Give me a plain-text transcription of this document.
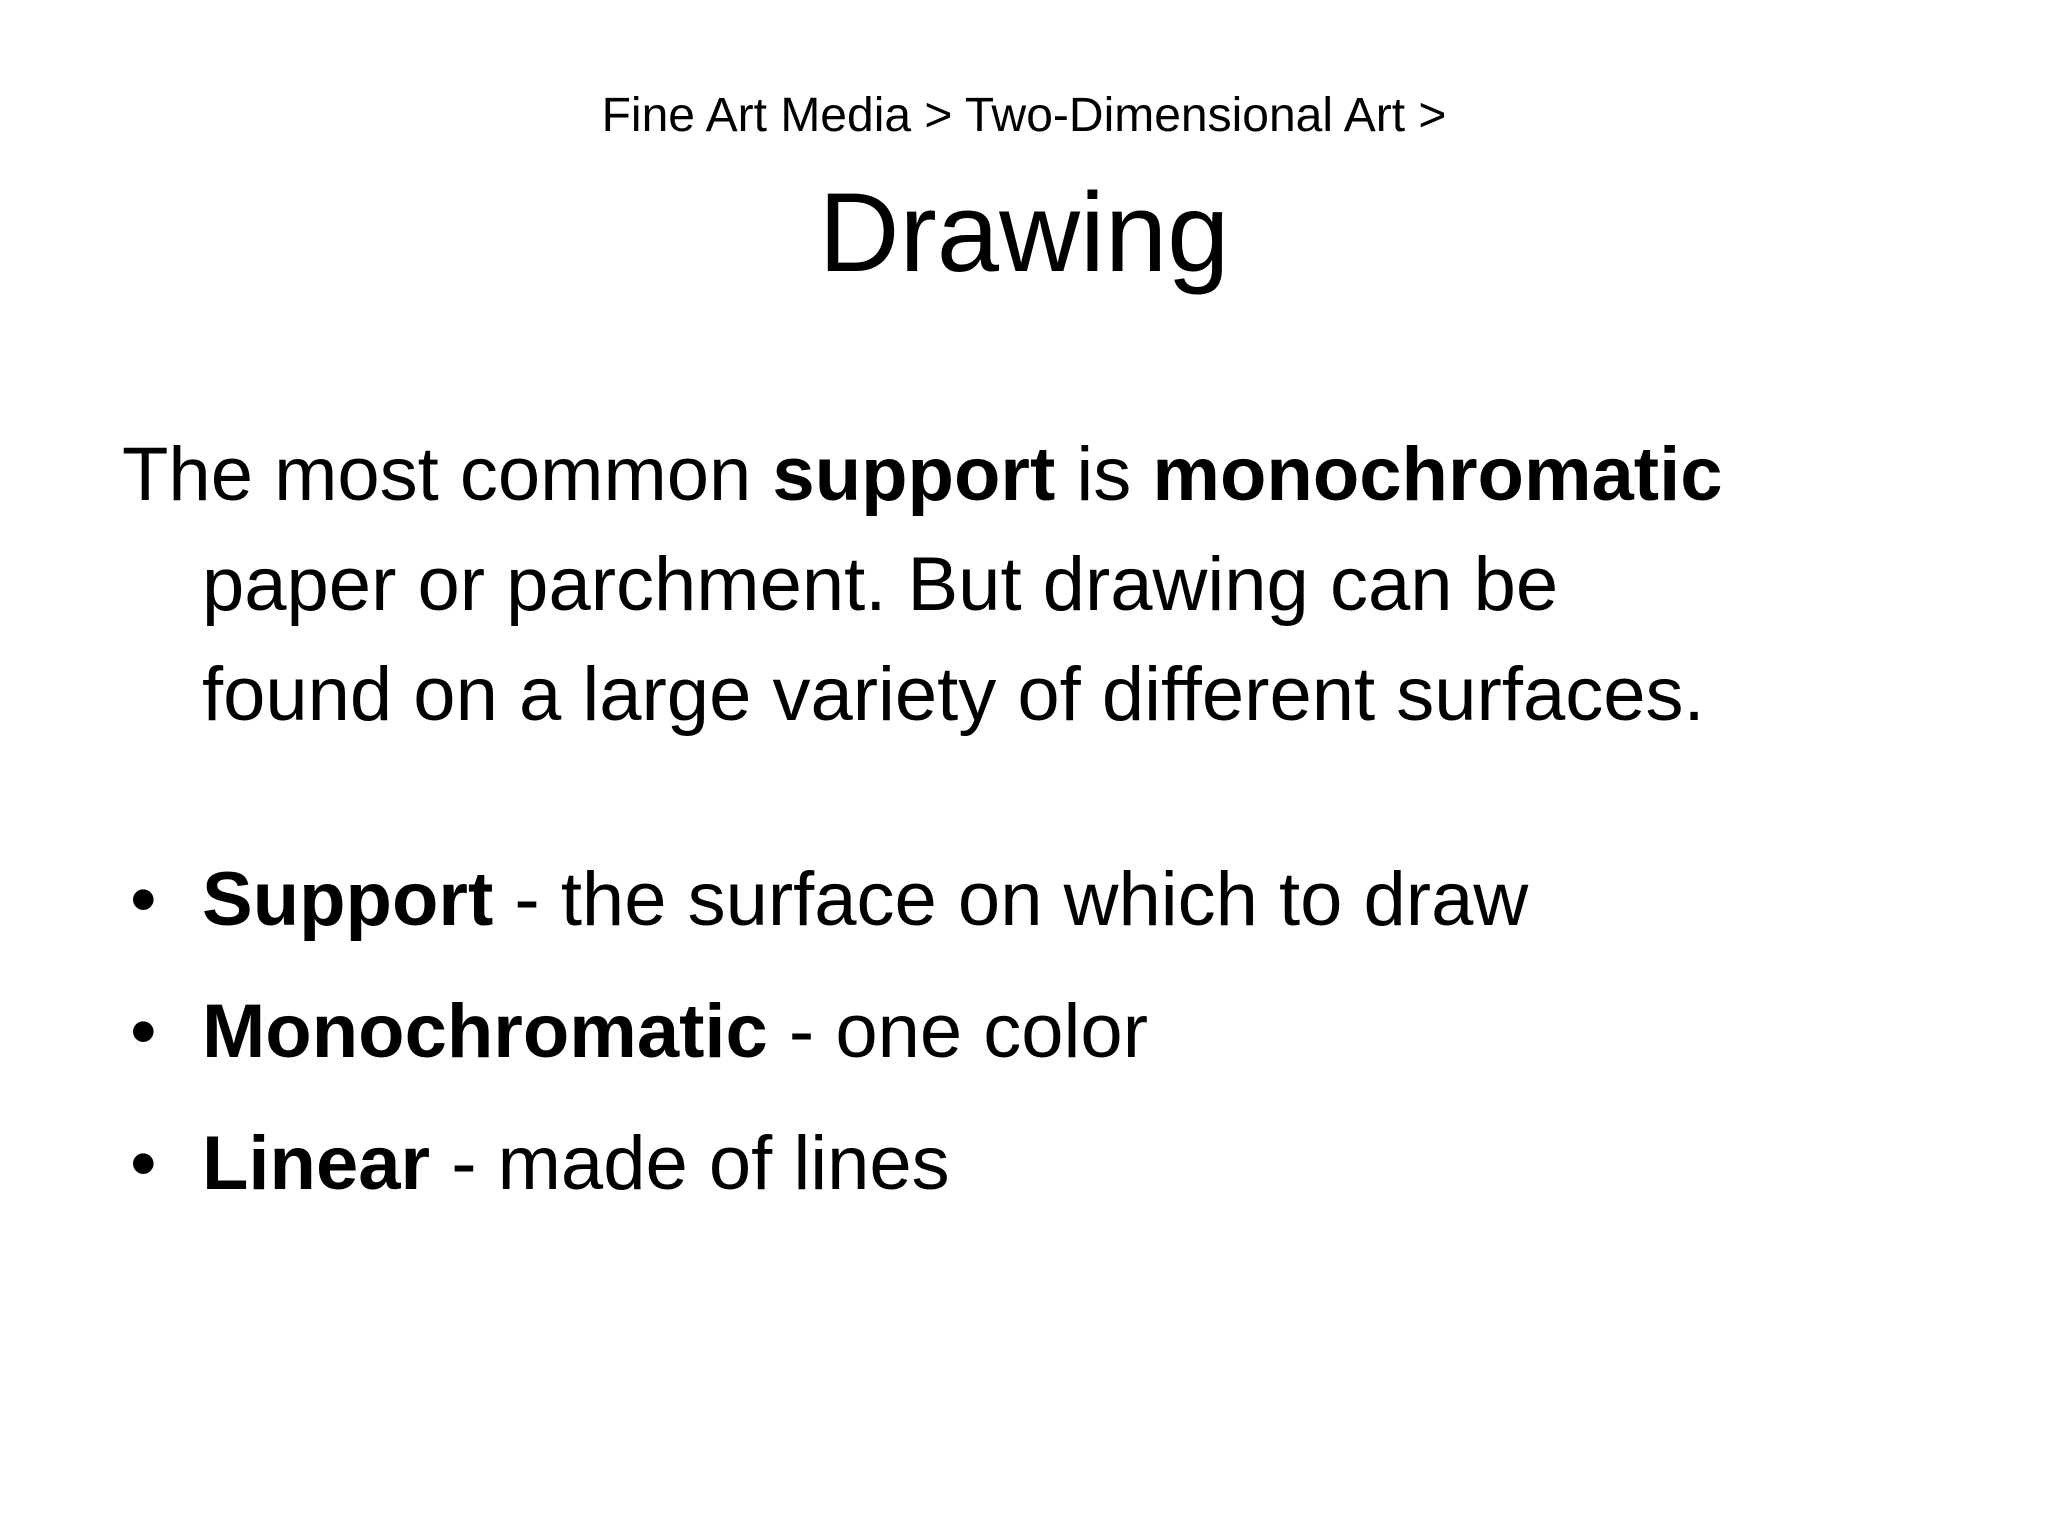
Fine Art Media > Two-Dimensional Art >
Drawing
The most common support is monochromatic
paper or parchment. But drawing can be
found on a large variety of different surfaces.
• Support - the surface on which to draw
• Monochromatic - one color
• Linear - made of lines
